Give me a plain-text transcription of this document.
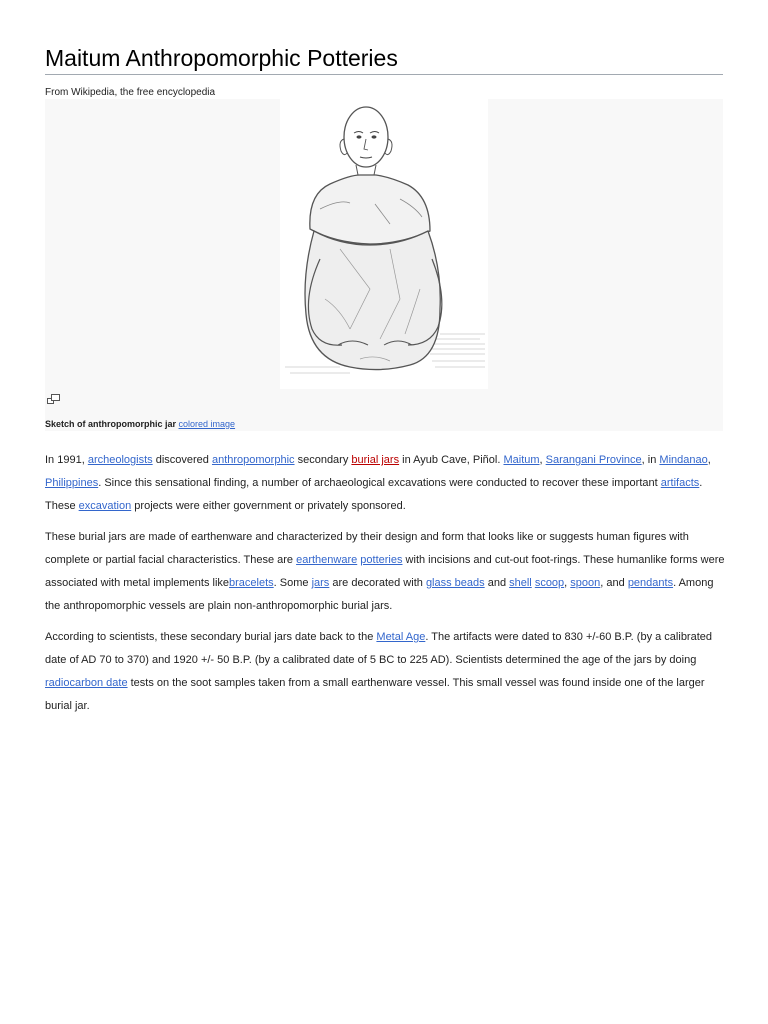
Maitum Anthropomorphic Potteries
From Wikipedia, the free encyclopedia
Sketch of anthropomorphic jar colored image

In 1991, archeologists discovered anthropomorphic secondary burial jars in Ayub Cave, Piñol. Maitum, Sarangani Province, in Mindanao, Philippines. Since this sensational finding, a number of archaeological excavations were conducted to recover these important artifacts. These excavation projects were either government or privately sponsored.

These burial jars are made of earthenware and characterized by their design and form that looks like or suggests human figures with complete or partial facial characteristics. These are earthenware potteries with incisions and cut-out foot-rings. These humanlike forms were associated with metal implements likebracelets. Some jars are decorated with glass beads and shell scoop, spoon, and pendants. Among the anthropomorphic vessels are plain non-anthropomorphic burial jars.

According to scientists, these secondary burial jars date back to the Metal Age. The artifacts were dated to 830 +/-60 B.P. (by a calibrated date of AD 70 to 370) and 1920 +/- 50 B.P. (by a calibrated date of 5 BC to 225 AD). Scientists determined the age of the jars by doing radiocarbon date tests on the soot samples taken from a small earthenware vessel. This small vessel was found inside one of the larger burial jar.
